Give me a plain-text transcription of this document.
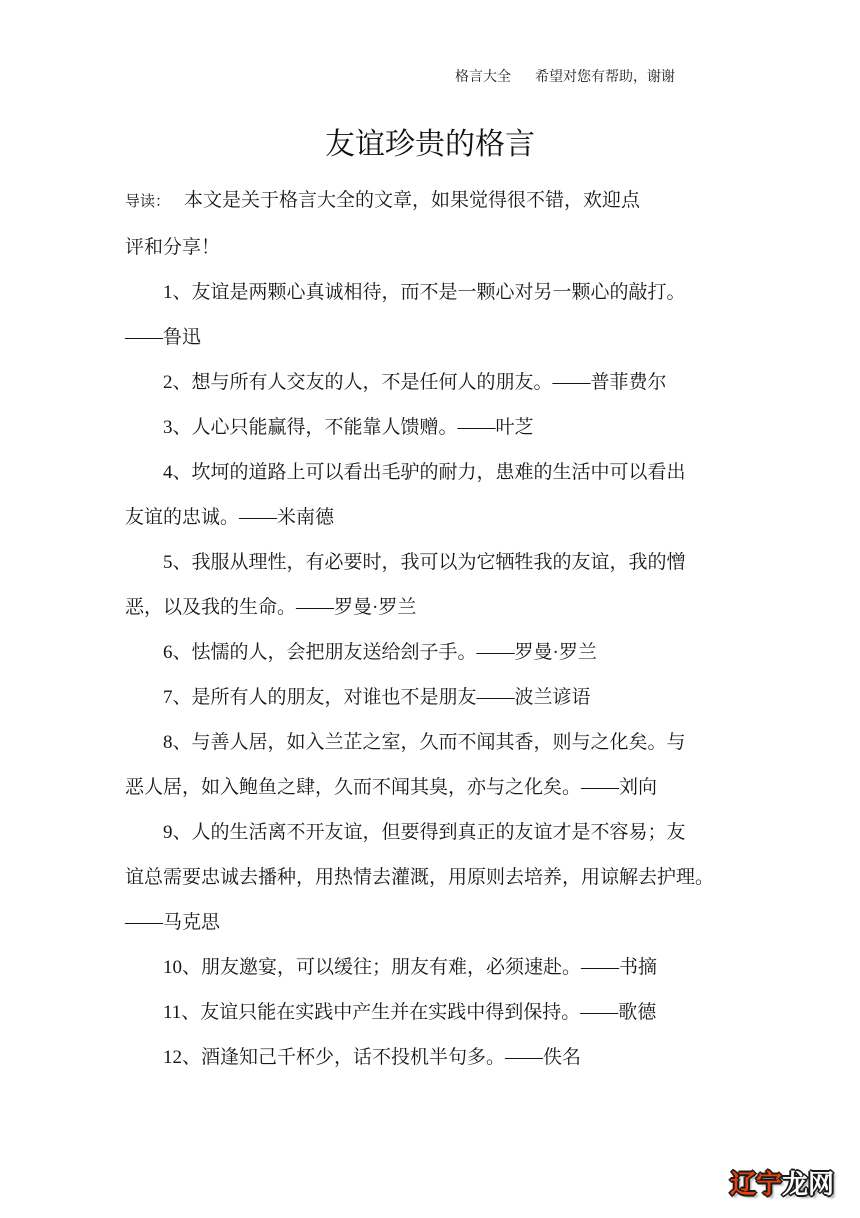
格言大全 希望对您有帮助，谢谢
友谊珍贵的格言

导读： 本文是关于格言大全的文章，如果觉得很不错，欢迎点
评和分享！

1、友谊是两颗心真诚相待，而不是一颗心对另一颗心的敲打。
——鲁迅

2、想与所有人交友的人，不是任何人的朋友。——普菲费尔

3、人心只能赢得，不能靠人馈赠。——叶芝

4、坎坷的道路上可以看出毛驴的耐力，患难的生活中可以看出
友谊的忠诚。——米南德

5、我服从理性，有必要时，我可以为它牺牲我的友谊，我的憎
恶，以及我的生命。——罗曼·罗兰

6、怯懦的人，会把朋友送给刽子手。——罗曼·罗兰

7、是所有人的朋友，对谁也不是朋友——波兰谚语

8、与善人居，如入兰芷之室，久而不闻其香，则与之化矣。与
恶人居，如入鲍鱼之肆，久而不闻其臭，亦与之化矣。——刘向

9、人的生活离不开友谊，但要得到真正的友谊才是不容易；友
谊总需要忠诚去播种，用热情去灌溉，用原则去培养，用谅解去护理。
——马克思

10、朋友邀宴，可以缓往；朋友有难，必须速赴。——书摘

11、友谊只能在实践中产生并在实践中得到保持。——歌德

12、酒逢知己千杯少，话不投机半句多。——佚名

辽宁龙网
